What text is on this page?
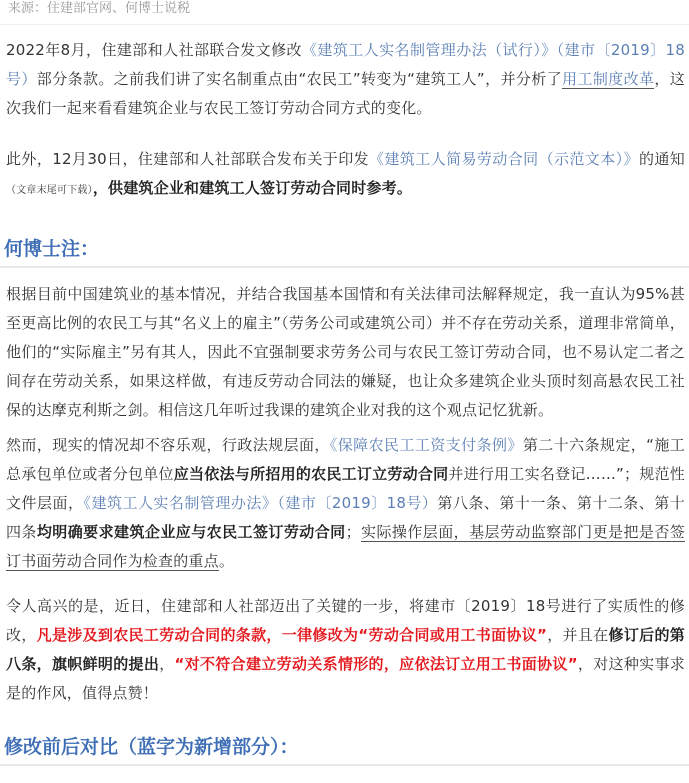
来源：住建部官网、何博士说税
2022年8月，住建部和人社部联合发文修改《建筑工人实名制管理办法（试行）》（建市〔2019〕18号）部分条款。之前我们讲了实名制重点由“农民工”转变为“建筑工人”，并分析了用工制度改革，这次我们一起来看看建筑企业与农民工签订劳动合同方式的变化。
此外，12月30日，住建部和人社部联合发布关于印发《建筑工人简易劳动合同（示范文本）》的通知（文章末尾可下载），供建筑企业和建筑工人签订劳动合同时参考。
何博士注：
根据目前中国建筑业的基本情况，并结合我国基本国情和有关法律司法解释规定，我一直认为95%甚至更高比例的农民工与其“名义上的雇主”（劳务公司或建筑公司）并不存在劳动关系，道理非常简单，他们的“实际雇主”另有其人，因此不宜强制要求劳务公司与农民工签订劳动合同，也不易认定二者之间存在劳动关系，如果这样做，有违反劳动合同法的嫌疑，也让众多建筑企业头顶时刻高悬农民工社保的达摩克利斯之剑。相信这几年听过我课的建筑企业对我的这个观点记忆犹新。
然而，现实的情况却不容乐观，行政法规层面，《保障农民工工资支付条例》第二十六条规定，“施工总承包单位或者分包单位应当依法与所招用的农民工订立劳动合同并进行用工实名登记……”；规范性文件层面，《建筑工人实名制管理办法》（建市〔2019〕18号）第八条、第十一条、第十二条、第十四条均明确要求建筑企业应与农民工签订劳动合同；实际操作层面，基层劳动监察部门更是把是否签订书面劳动合同作为检查的重点。
令人高兴的是，近日，住建部和人社部迈出了关键的一步，将建市〔2019〕18号进行了实质性的修改，凡是涉及到农民工劳动合同的条款，一律修改为“劳动合同或用工书面协议”，并且在修订后的第八条，旗帜鲜明的提出，“对不符合建立劳动关系情形的，应依法订立用工书面协议”，对这种实事求是的作风，值得点赞！
修改前后对比（蓝字为新增部分）：
